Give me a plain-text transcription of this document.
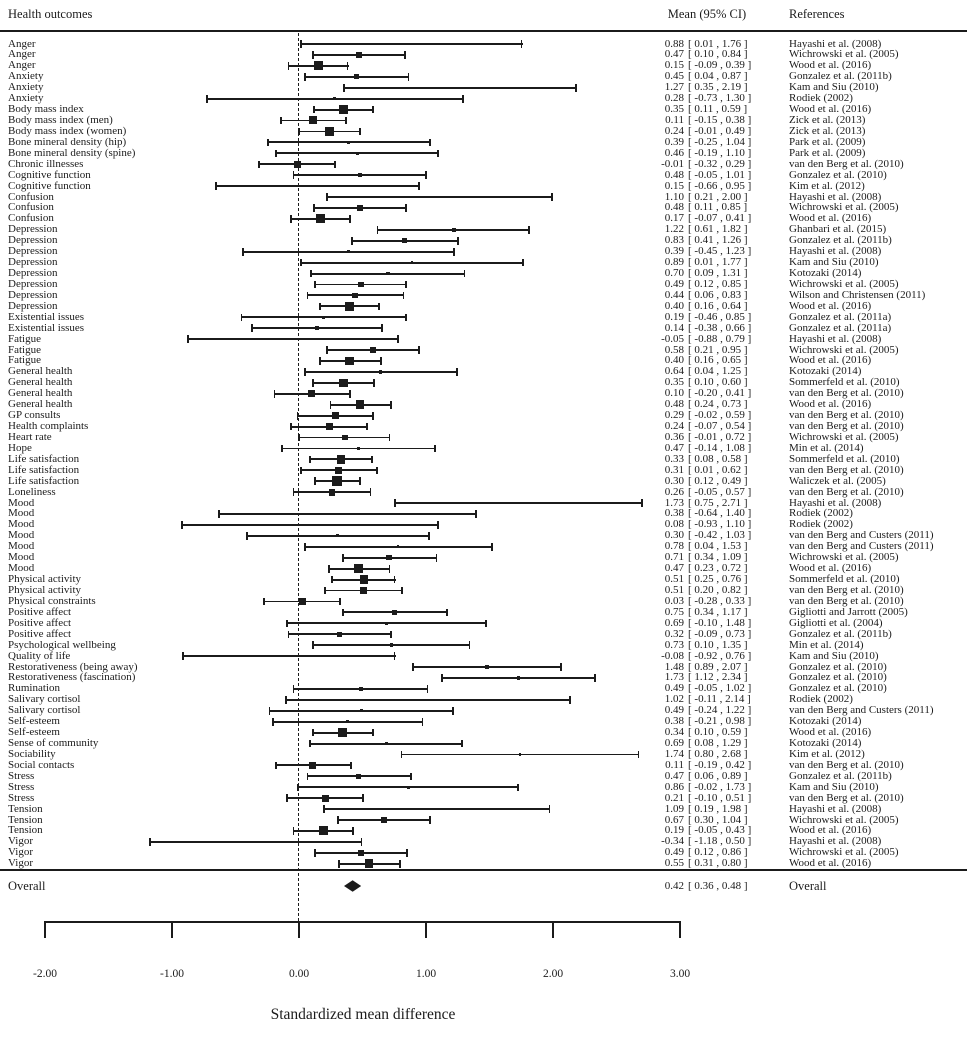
Health outcomes	Mean (95% CI)	References
Anger	0.88 [ 0.01 , 1.76 ]	Hayashi et al. (2008)
Anger	0.47 [ 0.10 , 0.84 ]	Wichrowski et al. (2005)
Anger	0.15 [ -0.09 , 0.39 ]	Wood et al. (2016)
Anxiety	0.45 [ 0.04 , 0.87 ]	Gonzalez et al. (2011b)
Anxiety	1.27 [ 0.35 , 2.19 ]	Kam and Siu (2010)
Anxiety	0.28 [ -0.73 , 1.30 ]	Rodiek (2002)
Body mass index	0.35 [ 0.11 , 0.59 ]	Wood et al. (2016)
Body mass index (men)	0.11 [ -0.15 , 0.38 ]	Zick et al. (2013)
Body mass index (women)	0.24 [ -0.01 , 0.49 ]	Zick et al. (2013)
Bone mineral density (hip)	0.39 [ -0.25 , 1.04 ]	Park et al. (2009)
Bone mineral density (spine)	0.46 [ -0.19 , 1.10 ]	Park et al. (2009)
Chronic illnesses	-0.01 [ -0.32 , 0.29 ]	van den Berg et al. (2010)
Cognitive function	0.48 [ -0.05 , 1.01 ]	Gonzalez et al. (2010)
Cognitive function	0.15 [ -0.66 , 0.95 ]	Kim et al. (2012)
Confusion	1.10 [ 0.21 , 2.00 ]	Hayashi et al. (2008)
Confusion	0.48 [ 0.11 , 0.85 ]	Wichrowski et al. (2005)
Confusion	0.17 [ -0.07 , 0.41 ]	Wood et al. (2016)
Depression	1.22 [ 0.61 , 1.82 ]	Ghanbari et al. (2015)
Depression	0.83 [ 0.41 , 1.26 ]	Gonzalez et al. (2011b)
Depression	0.39 [ -0.45 , 1.23 ]	Hayashi et al. (2008)
Depression	0.89 [ 0.01 , 1.77 ]	Kam and Siu (2010)
Depression	0.70 [ 0.09 , 1.31 ]	Kotozaki (2014)
Depression	0.49 [ 0.12 , 0.85 ]	Wichrowski et al. (2005)
Depression	0.44 [ 0.06 , 0.83 ]	Wilson and Christensen (2011)
Depression	0.40 [ 0.16 , 0.64 ]	Wood et al. (2016)
Existential issues	0.19 [ -0.46 , 0.85 ]	Gonzalez et al. (2011a)
Existential issues	0.14 [ -0.38 , 0.66 ]	Gonzalez et al. (2011a)
Fatigue	-0.05 [ -0.88 , 0.79 ]	Hayashi et al. (2008)
Fatigue	0.58 [ 0.21 , 0.95 ]	Wichrowski et al. (2005)
Fatigue	0.40 [ 0.16 , 0.65 ]	Wood et al. (2016)
General health	0.64 [ 0.04 , 1.25 ]	Kotozaki (2014)
General health	0.35 [ 0.10 , 0.60 ]	Sommerfeld et al. (2010)
General health	0.10 [ -0.20 , 0.41 ]	van den Berg et al. (2010)
General health	0.48 [ 0.24 , 0.73 ]	Wood et al. (2016)
GP consults	0.29 [ -0.02 , 0.59 ]	van den Berg et al. (2010)
Health complaints	0.24 [ -0.07 , 0.54 ]	van den Berg et al. (2010)
Heart rate	0.36 [ -0.01 , 0.72 ]	Wichrowski et al. (2005)
Hope	0.47 [ -0.14 , 1.08 ]	Min et al. (2014)
Life satisfaction	0.33 [ 0.08 , 0.58 ]	Sommerfeld et al. (2010)
Life satisfaction	0.31 [ 0.01 , 0.62 ]	van den Berg et al. (2010)
Life satisfaction	0.30 [ 0.12 , 0.49 ]	Waliczek et al. (2005)
Loneliness	0.26 [ -0.05 , 0.57 ]	van den Berg et al. (2010)
Mood	1.73 [ 0.75 , 2.71 ]	Hayashi et al. (2008)
Mood	0.38 [ -0.64 , 1.40 ]	Rodiek (2002)
Mood	0.08 [ -0.93 , 1.10 ]	Rodiek (2002)
Mood	0.30 [ -0.42 , 1.03 ]	van den Berg and Custers (2011)
Mood	0.78 [ 0.04 , 1.53 ]	van den Berg and Custers (2011)
Mood	0.71 [ 0.34 , 1.09 ]	Wichrowski et al. (2005)
Mood	0.47 [ 0.23 , 0.72 ]	Wood et al. (2016)
Physical activity	0.51 [ 0.25 , 0.76 ]	Sommerfeld et al. (2010)
Physical activity	0.51 [ 0.20 , 0.82 ]	van den Berg et al. (2010)
Physical constraints	0.03 [ -0.28 , 0.33 ]	van den Berg et al. (2010)
Positive affect	0.75 [ 0.34 , 1.17 ]	Gigliotti and Jarrott (2005)
Positive affect	0.69 [ -0.10 , 1.48 ]	Gigliotti et al. (2004)
Positive affect	0.32 [ -0.09 , 0.73 ]	Gonzalez et al. (2011b)
Psychological wellbeing	0.73 [ 0.10 , 1.35 ]	Min et al. (2014)
Quality of life	-0.08 [ -0.92 , 0.76 ]	Kam and Siu (2010)
Restorativeness (being away)	1.48 [ 0.89 , 2.07 ]	Gonzalez et al. (2010)
Restorativeness (fascination)	1.73 [ 1.12 , 2.34 ]	Gonzalez et al. (2010)
Rumination	0.49 [ -0.05 , 1.02 ]	Gonzalez et al. (2010)
Salivary cortisol	1.02 [ -0.11 , 2.14 ]	Rodiek (2002)
Salivary cortisol	0.49 [ -0.24 , 1.22 ]	van den Berg and Custers (2011)
Self-esteem	0.38 [ -0.21 , 0.98 ]	Kotozaki (2014)
Self-esteem	0.34 [ 0.10 , 0.59 ]	Wood et al. (2016)
Sense of community	0.69 [ 0.08 , 1.29 ]	Kotozaki (2014)
Sociability	1.74 [ 0.80 , 2.68 ]	Kim et al. (2012)
Social contacts	0.11 [ -0.19 , 0.42 ]	van den Berg et al. (2010)
Stress	0.47 [ 0.06 , 0.89 ]	Gonzalez et al. (2011b)
Stress	0.86 [ -0.02 , 1.73 ]	Kam and Siu (2010)
Stress	0.21 [ -0.10 , 0.51 ]	van den Berg et al. (2010)
Tension	1.09 [ 0.19 , 1.98 ]	Hayashi et al. (2008)
Tension	0.67 [ 0.30 , 1.04 ]	Wichrowski et al. (2005)
Tension	0.19 [ -0.05 , 0.43 ]	Wood et al. (2016)
Vigor	-0.34 [ -1.18 , 0.50 ]	Hayashi et al. (2008)
Vigor	0.49 [ 0.12 , 0.86 ]	Wichrowski et al. (2005)
Vigor	0.55 [ 0.31 , 0.80 ]	Wood et al. (2016)
Overall	0.42 [ 0.36 , 0.48 ]	Overall
-2.00	-1.00	0.00	1.00	2.00	3.00
Standardized mean difference
